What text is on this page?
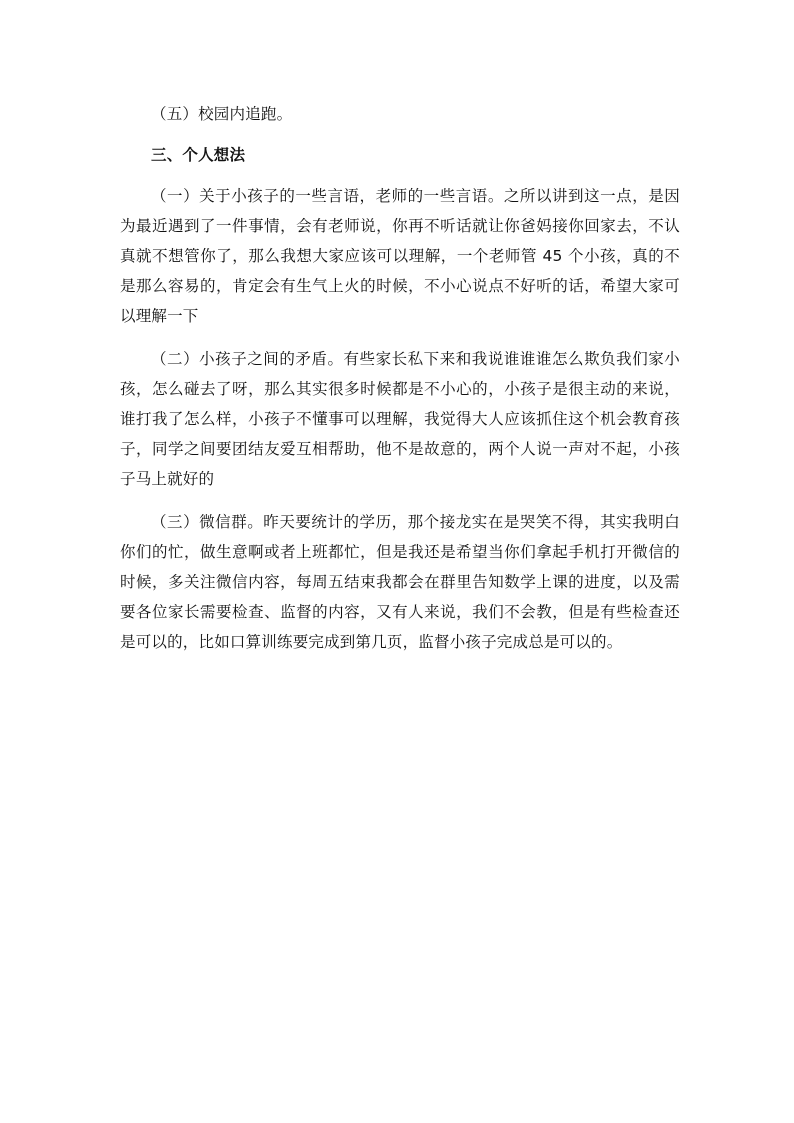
（五）校园内追跑。

三、个人想法

（一）关于小孩子的一些言语，老师的一些言语。之所以讲到这一点，是因为最近遇到了一件事情，会有老师说，你再不听话就让你爸妈接你回家去，不认真就不想管你了，那么我想大家应该可以理解，一个老师管 45 个小孩，真的不是那么容易的，肯定会有生气上火的时候，不小心说点不好听的话，希望大家可以理解一下

（二）小孩子之间的矛盾。有些家长私下来和我说谁谁谁怎么欺负我们家小孩，怎么碰去了呀，那么其实很多时候都是不小心的，小孩子是很主动的来说，谁打我了怎么样，小孩子不懂事可以理解，我觉得大人应该抓住这个机会教育孩子，同学之间要团结友爱互相帮助，他不是故意的，两个人说一声对不起，小孩子马上就好的

（三）微信群。昨天要统计的学历，那个接龙实在是哭笑不得，其实我明白你们的忙，做生意啊或者上班都忙，但是我还是希望当你们拿起手机打开微信的时候，多关注微信内容，每周五结束我都会在群里告知数学上课的进度，以及需要各位家长需要检查、监督的内容，又有人来说，我们不会教，但是有些检查还是可以的，比如口算训练要完成到第几页，监督小孩子完成总是可以的。
